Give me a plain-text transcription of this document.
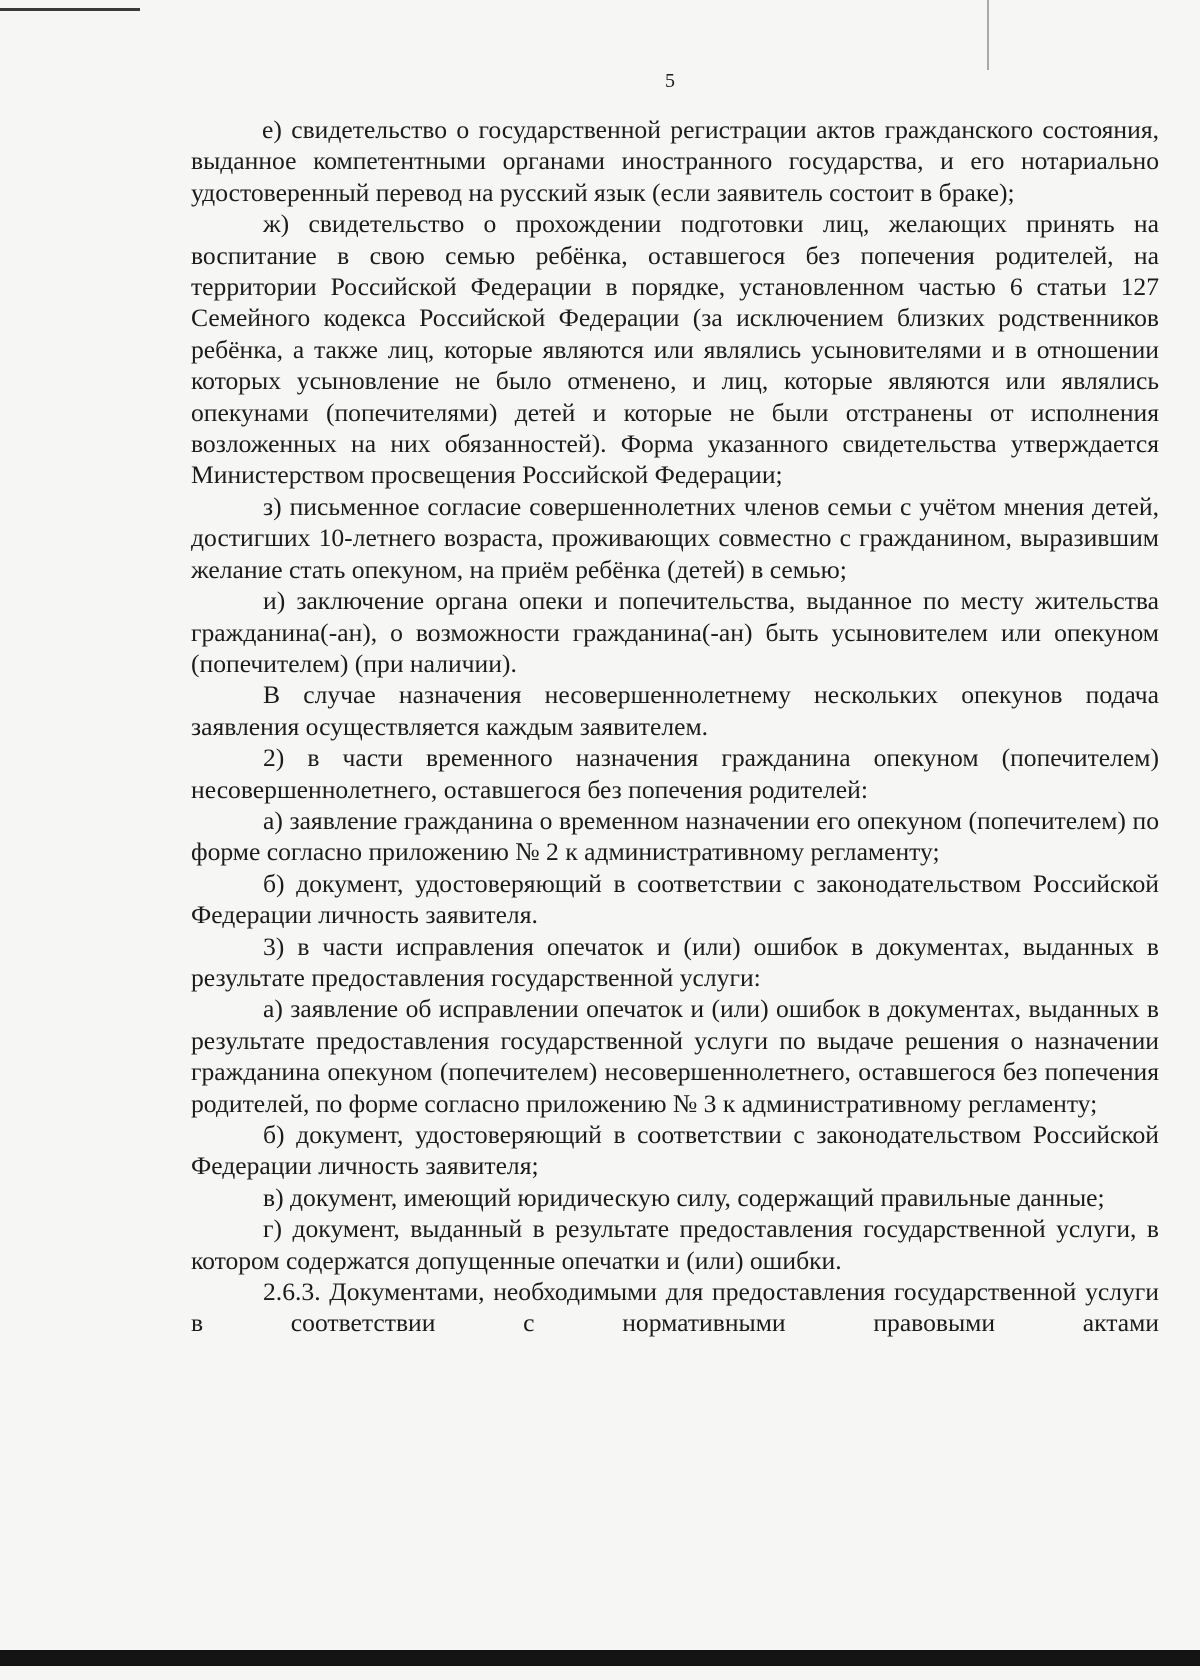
5

е) свидетельство о государственной регистрации актов гражданского состояния, выданное компетентными органами иностранного государства, и его нотариально удостоверенный перевод на русский язык (если заявитель состоит в браке);

ж) свидетельство о прохождении подготовки лиц, желающих принять на воспитание в свою семью ребёнка, оставшегося без попечения родителей, на территории Российской Федерации в порядке, установленном частью 6 статьи 127 Семейного кодекса Российской Федерации (за исключением близких родственников ребёнка, а также лиц, которые являются или являлись усыновителями и в отношении которых усыновление не было отменено, и лиц, которые являются или являлись опекунами (попечителями) детей и которые не были отстранены от исполнения возложенных на них обязанностей). Форма указанного свидетельства утверждается Министерством просвещения Российской Федерации;

з) письменное согласие совершеннолетних членов семьи с учётом мнения детей, достигших 10-летнего возраста, проживающих совместно с гражданином, выразившим желание стать опекуном, на приём ребёнка (детей) в семью;

и) заключение органа опеки и попечительства, выданное по месту жительства гражданина(-ан), о возможности гражданина(-ан) быть усыновителем или опекуном (попечителем) (при наличии).

В случае назначения несовершеннолетнему нескольких опекунов подача заявления осуществляется каждым заявителем.

2) в части временного назначения гражданина опекуном (попечителем) несовершеннолетнего, оставшегося без попечения родителей:

а) заявление гражданина о временном назначении его опекуном (попечителем) по форме согласно приложению № 2 к административному регламенту;

б) документ, удостоверяющий в соответствии с законодательством Российской Федерации личность заявителя.

3) в части исправления опечаток и (или) ошибок в документах, выданных в результате предоставления государственной услуги:

а) заявление об исправлении опечаток и (или) ошибок в документах, выданных в результате предоставления государственной услуги по выдаче решения о назначении гражданина опекуном (попечителем) несовершеннолетнего, оставшегося без попечения родителей, по форме согласно приложению № 3 к административному регламенту;

б) документ, удостоверяющий в соответствии с законодательством Российской Федерации личность заявителя;

в) документ, имеющий юридическую силу, содержащий правильные данные;

г) документ, выданный в результате предоставления государственной услуги, в котором содержатся допущенные опечатки и (или) ошибки.

2.6.3. Документами, необходимыми для предоставления государственной услуги в соответствии с нормативными правовыми актами
